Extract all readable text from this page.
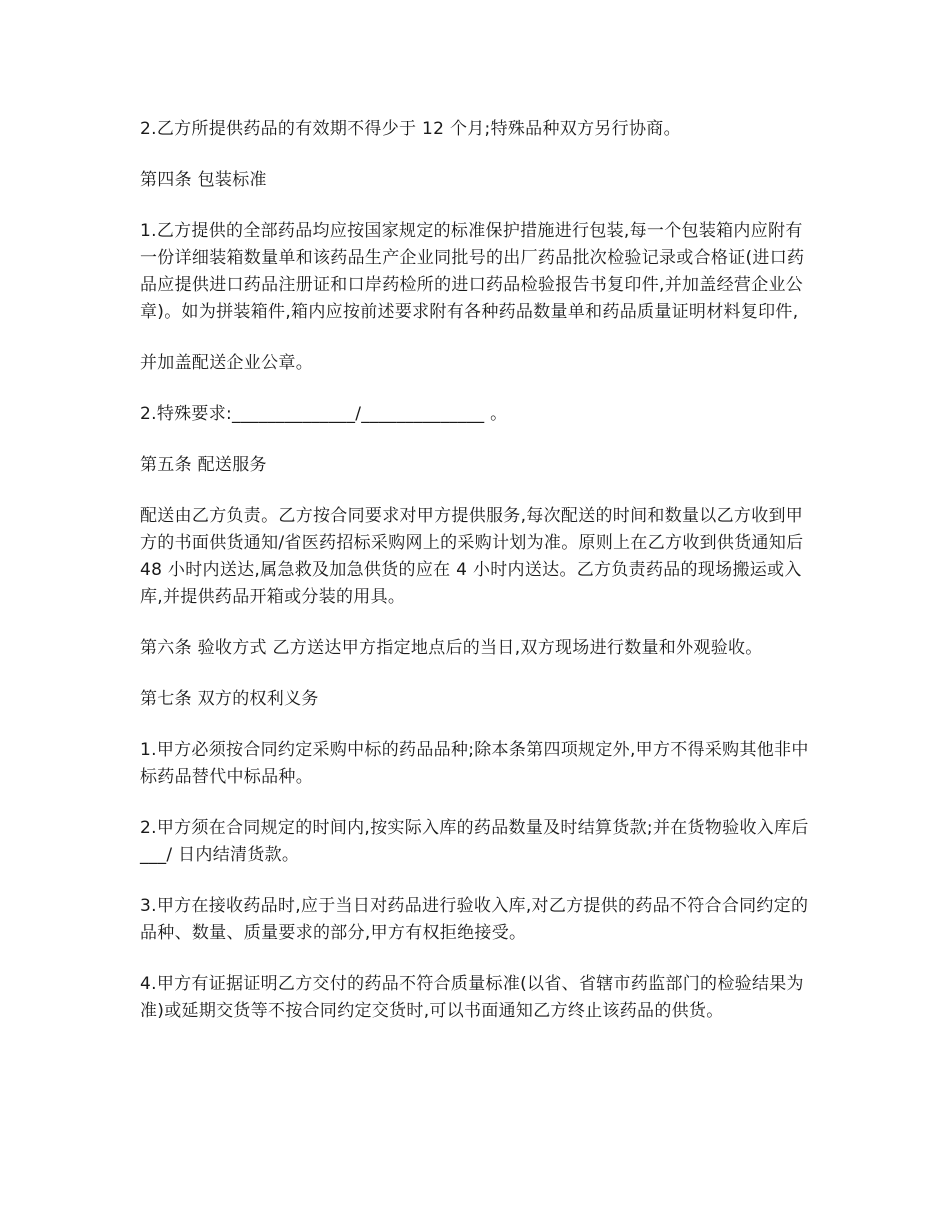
2.乙方所提供药品的有效期不得少于 12 个月;特殊品种双方另行协商。

第四条 包装标准

1.乙方提供的全部药品均应按国家规定的标准保护措施进行包装,每一个包装箱内应附有一份详细装箱数量单和该药品生产企业同批号的出厂药品批次检验记录或合格证(进口药品应提供进口药品注册证和口岸药检所的进口药品检验报告书复印件,并加盖经营企业公章)。如为拼装箱件,箱内应按前述要求附有各种药品数量单和药品质量证明材料复印件,

并加盖配送企业公章。

2.特殊要求:______________/______________ 。

第五条 配送服务

配送由乙方负责。乙方按合同要求对甲方提供服务,每次配送的时间和数量以乙方收到甲方的书面供货通知/省医药招标采购网上的采购计划为准。原则上在乙方收到供货通知后 48 小时内送达,属急救及加急供货的应在 4 小时内送达。乙方负责药品的现场搬运或入库,并提供药品开箱或分装的用具。

第六条 验收方式 乙方送达甲方指定地点后的当日,双方现场进行数量和外观验收。

第七条 双方的权利义务

1.甲方必须按合同约定采购中标的药品品种;除本条第四项规定外,甲方不得采购其他非中标药品替代中标品种。

2.甲方须在合同规定的时间内,按实际入库的药品数量及时结算货款;并在货物验收入库后___/ 日内结清货款。

3.甲方在接收药品时,应于当日对药品进行验收入库,对乙方提供的药品不符合合同约定的品种、数量、质量要求的部分,甲方有权拒绝接受。

4.甲方有证据证明乙方交付的药品不符合质量标准(以省、省辖市药监部门的检验结果为准)或延期交货等不按合同约定交货时,可以书面通知乙方终止该药品的供货。
